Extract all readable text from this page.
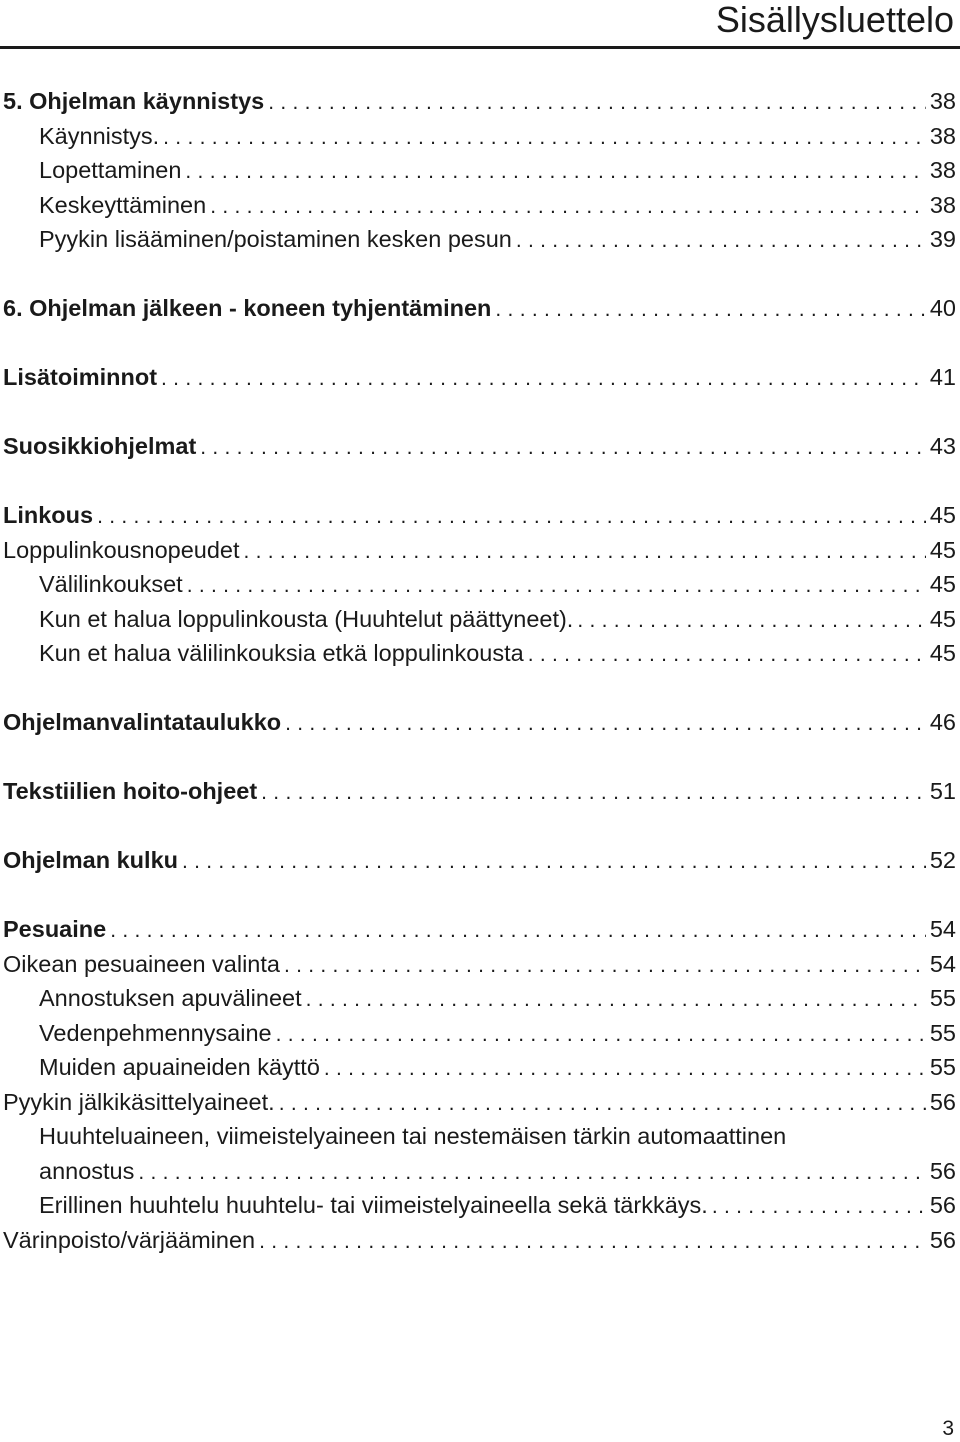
Sisällysluettelo
5. Ohjelman käynnistys .....	38
Käynnistys. .....	38
Lopettaminen .....	38
Keskeyttäminen .....	38
Pyykin lisääminen/poistaminen kesken pesun .....	39
6. Ohjelman jälkeen - koneen tyhjentäminen .....	40
Lisätoiminnot .....	41
Suosikkiohjelmat .....	43
Linkous .....	45
Loppulinkousnopeudet .....	45
Välilinkoukset .....	45
Kun et halua loppulinkousta (Huuhtelut päättyneet). .....	45
Kun et halua välilinkouksia etkä loppulinkousta .....	45
Ohjelmanvalintataulukko .....	46
Tekstiilien hoito-ohjeet .....	51
Ohjelman kulku .....	52
Pesuaine .....	54
Oikean pesuaineen valinta .....	54
Annostuksen apuvälineet .....	55
Vedenpehmennysaine .....	55
Muiden apuaineiden käyttö .....	55
Pyykin jälkikäsittelyaineet. .....	56
Huuhteluaineen, viimeistelyaineen tai nestemäisen tärkin automaattinen
annostus .....	56
Erillinen huuhtelu huuhtelu- tai viimeistelyaineella sekä tärkkäys. .....	56
Värinpoisto/värjääminen .....	56
3
